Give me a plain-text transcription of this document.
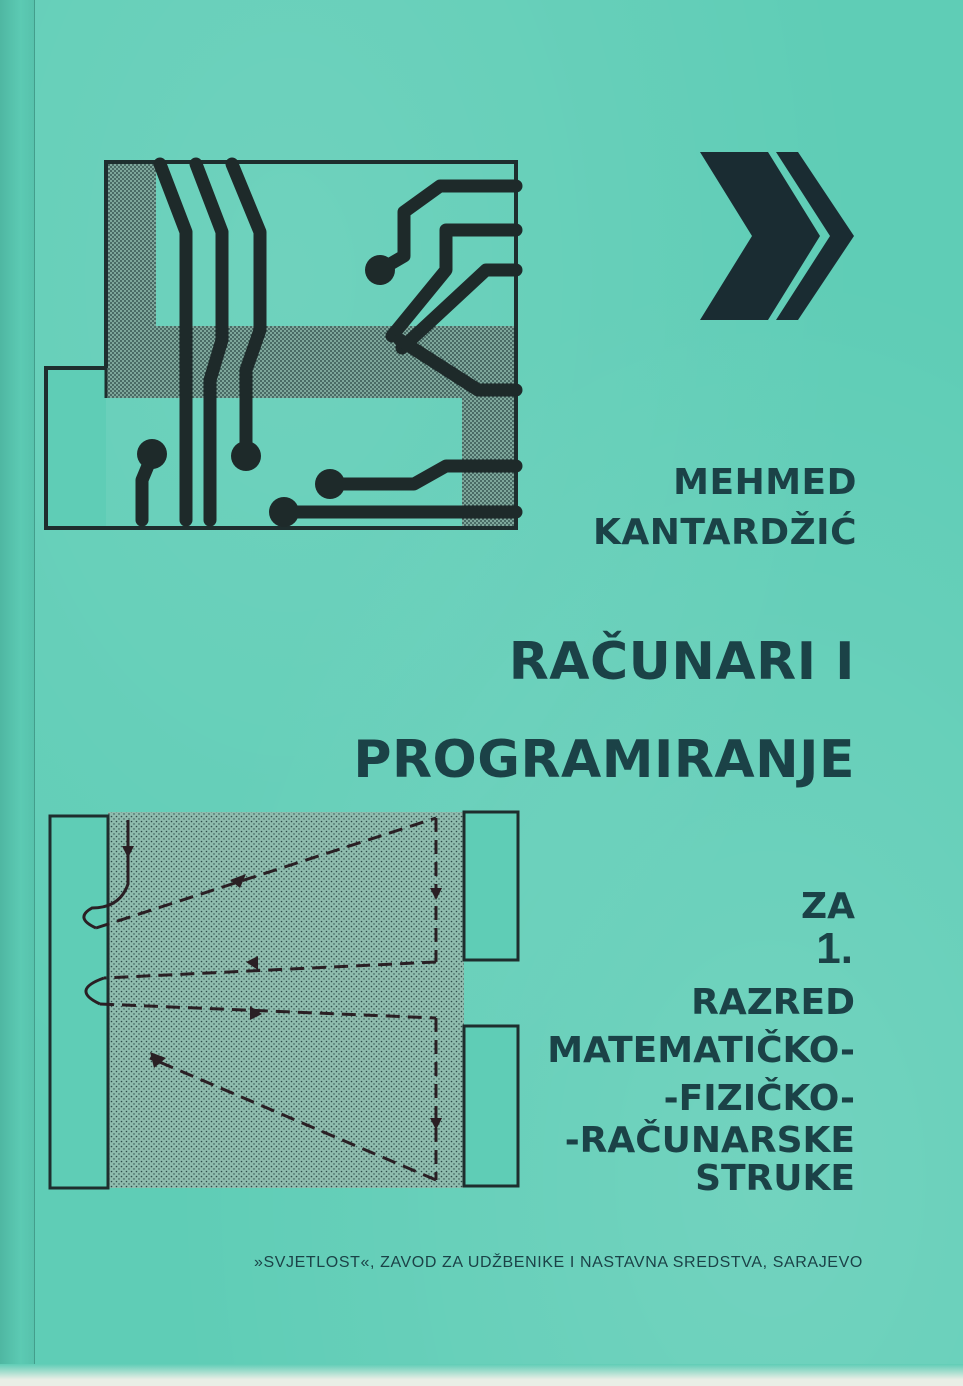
MEHMED
KANTARDŽIĆ
RAČUNARI I
PROGRAMIRANJE
ZA
1.
RAZRED
MATEMATIČKO-
-FIZIČKO-
-RAČUNARSKE
STRUKE
»SVJETLOST«, ZAVOD ZA UDŽBENIKE I NASTAVNA SREDSTVA, SARAJEVO
